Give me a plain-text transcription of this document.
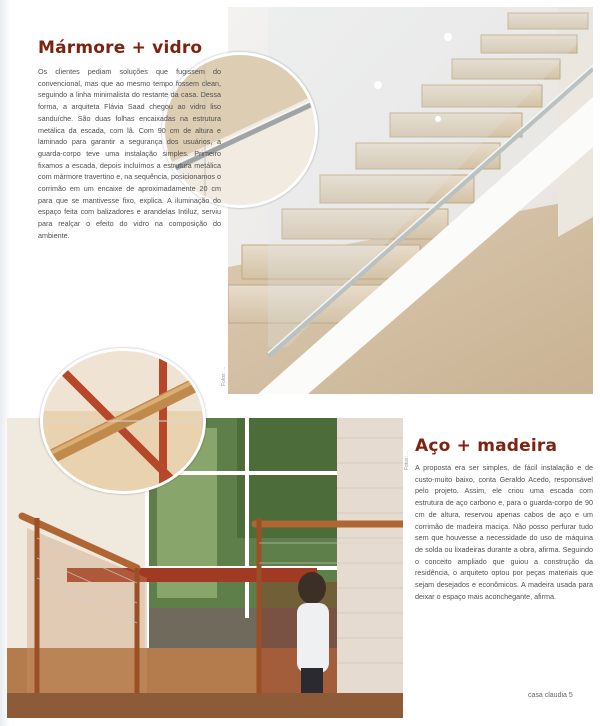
Mármore + vidro
Os clientes pediam soluções que fugissem do convencional, mas que ao mesmo tempo fossem clean, seguindo a linha minimalista do restante da casa. Dessa forma, a arquiteta Flávia Saad chegou ao vidro liso sanduíche. São duas folhas encaixadas na estrutura metálica da escada, com lâ. Com 90 cm de altura e laminado para garantir a segurança dos usuários, a guarda-corpo teve uma instalação simples. Primeiro fixamos a escada, depois incluímos a estrutura metálica com mármore travertino e, na sequência, posicionamos o corrimão em um encaixe de aproximadamente 20 cm para que se mantivesse fixo, explica. A iluminação do espaço feita com balizadores e arandelas Intiluz, serviu para realçar o efeito do vidro na composição do ambiente.
Fotos: ...
Aço + madeira
A proposta era ser simples, de fácil instalação e de custo-muito baixo, conta Geraldo Acedo, responsável pelo projeto. Assim, ele criou uma escada com estrutura de aço carbono e, para o guarda-corpo de 90 cm de altura, reservou apenas cabos de aço e um corrimão de madeira maciça. Não posso perfurar tudo sem que houvesse a necessidade do uso de máquina de solda ou lixadeiras durante a obra, afirma. Seguindo o conceito ampliado que guiou a construção da residência, o arquiteto optou por peças materiais que sejam desejados e econômicos. A madeira usada para deixar o espaço mais aconchegante, afirma.
Fotos: ...
casa claudia 5
